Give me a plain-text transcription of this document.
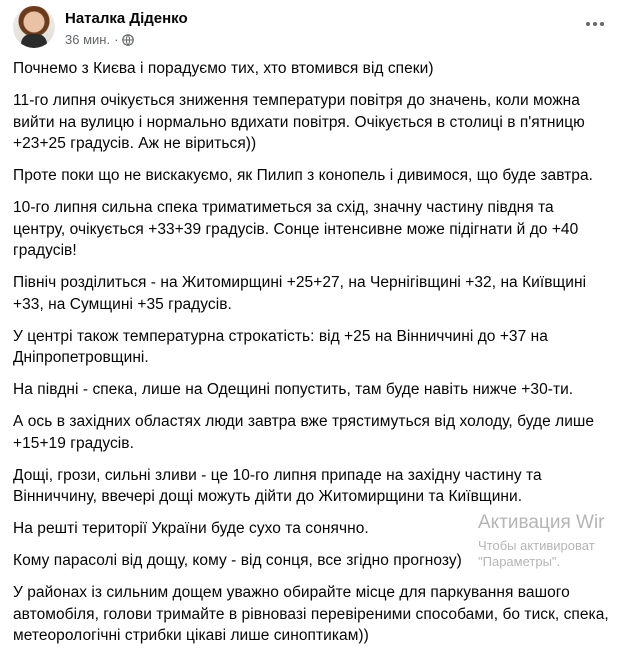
Наталка Діденко
36 мин. ·

Почнемо з Києва і порадуємо тих, хто втомився від спеки)

11-го липня очікується зниження температури повітря до значень, коли можна вийти на вулицю і нормально вдихати повітря. Очікується в столиці в п'ятницю +23+25 градусів. Аж не віриться))

Проте поки що не вискакуємо, як Пилип з конопель і дивимося, що буде завтра.

10-го липня сильна спека триматиметься за схід, значну частину півдня та центру, очікується +33+39 градусів. Сонце інтенсивне може підігнати й до +40 градусів!

Північ розділиться - на Житомирщині +25+27, на Чернігівщині +32, на Київщині +33, на Сумщині +35 градусів.

У центрі також температурна строкатість: від +25 на Вінниччині до +37 на Дніпропетровщині.

На півдні - спека, лише на Одещині попустить, там буде навіть нижче +30-ти.

А ось в західних областях люди завтра вже трястимуться від холоду, буде лише +15+19 градусів.

Дощі, грози, сильні зливи - це 10-го липня припаде на західну частину та Вінниччину, ввечері дощі можуть дійти до Житомирщини та Київщини.

На решті території України буде сухо та сонячно.

Кому парасолі від дощу, кому - від сонця, все згідно прогнозу)

У районах із сильним дощем уважно обирайте місце для паркування вашого автомобіля, голови тримайте в рівновазі перевіреними способами, бо тиск, спека, метеорологічні стрибки цікаві лише синоптикам))

Активация Wir
Чтобы активироват
"Параметры".
